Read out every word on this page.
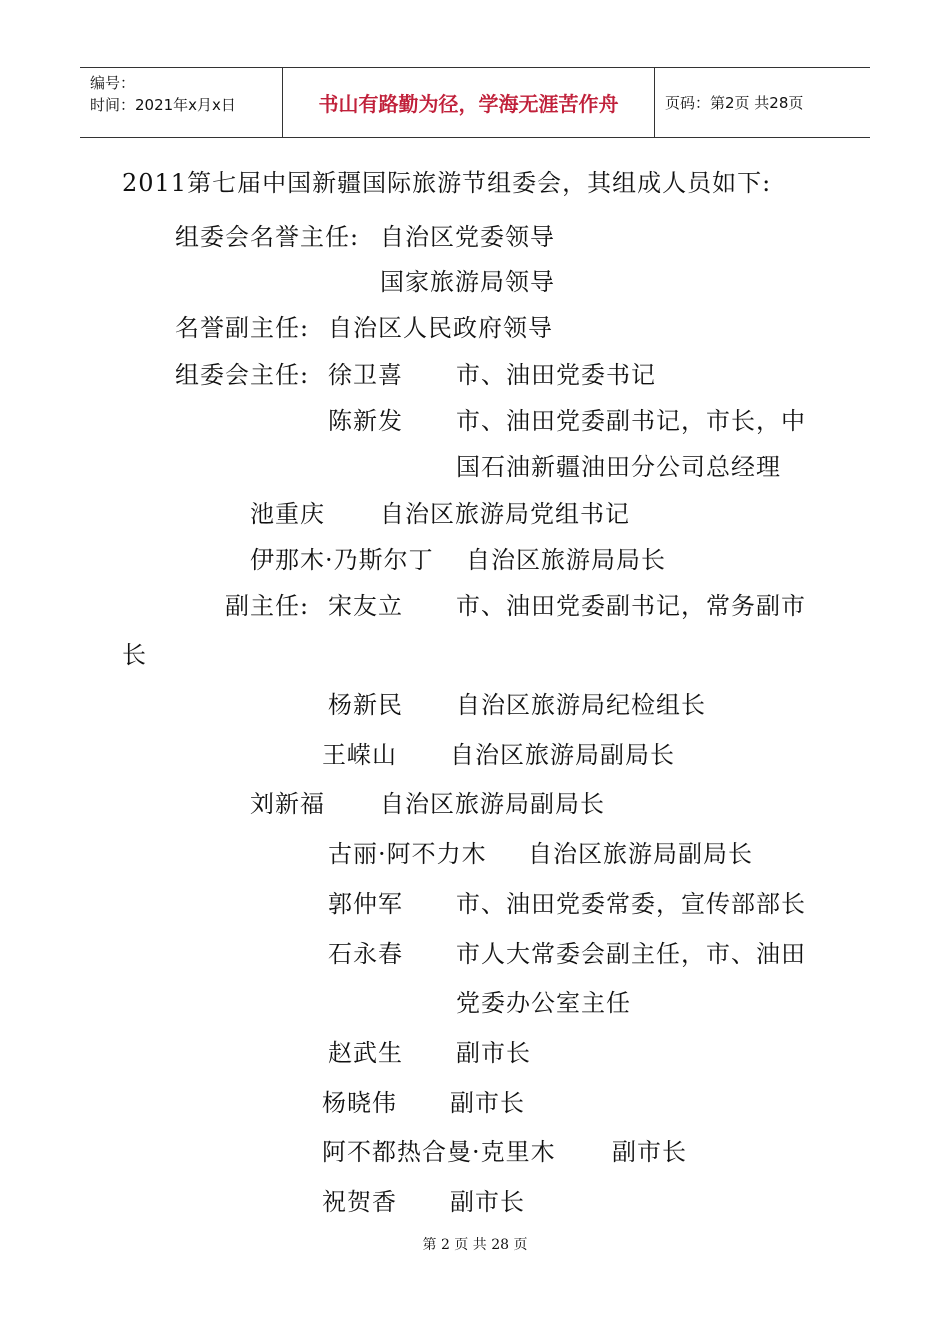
编号：
时间：2021年x月x日	书山有路勤为径，学海无涯苦作舟	页码：第2页 共28页
2011第七届中国新疆国际旅游节组委会，其组成人员如下:
组委会名誉主任: 自治区党委领导
国家旅游局领导
名誉副主任: 自治区人民政府领导
组委会主任: 徐卫喜 市、油田党委书记
陈新发 市、油田党委副书记，市长，中
国石油新疆油田分公司总经理
池重庆 自治区旅游局党组书记
伊那木·乃斯尔丁 自治区旅游局局长
副主任: 宋友立 市、油田党委副书记，常务副市
长
杨新民 自治区旅游局纪检组长
王嵘山 自治区旅游局副局长
刘新福 自治区旅游局副局长
古丽·阿不力木 自治区旅游局副局长
郭仲军 市、油田党委常委，宣传部部长
石永春 市人大常委会副主任，市、油田
党委办公室主任
赵武生 副市长
杨晓伟 副市长
阿不都热合曼·克里木 副市长
祝贺香 副市长
第 2 页 共 28 页
